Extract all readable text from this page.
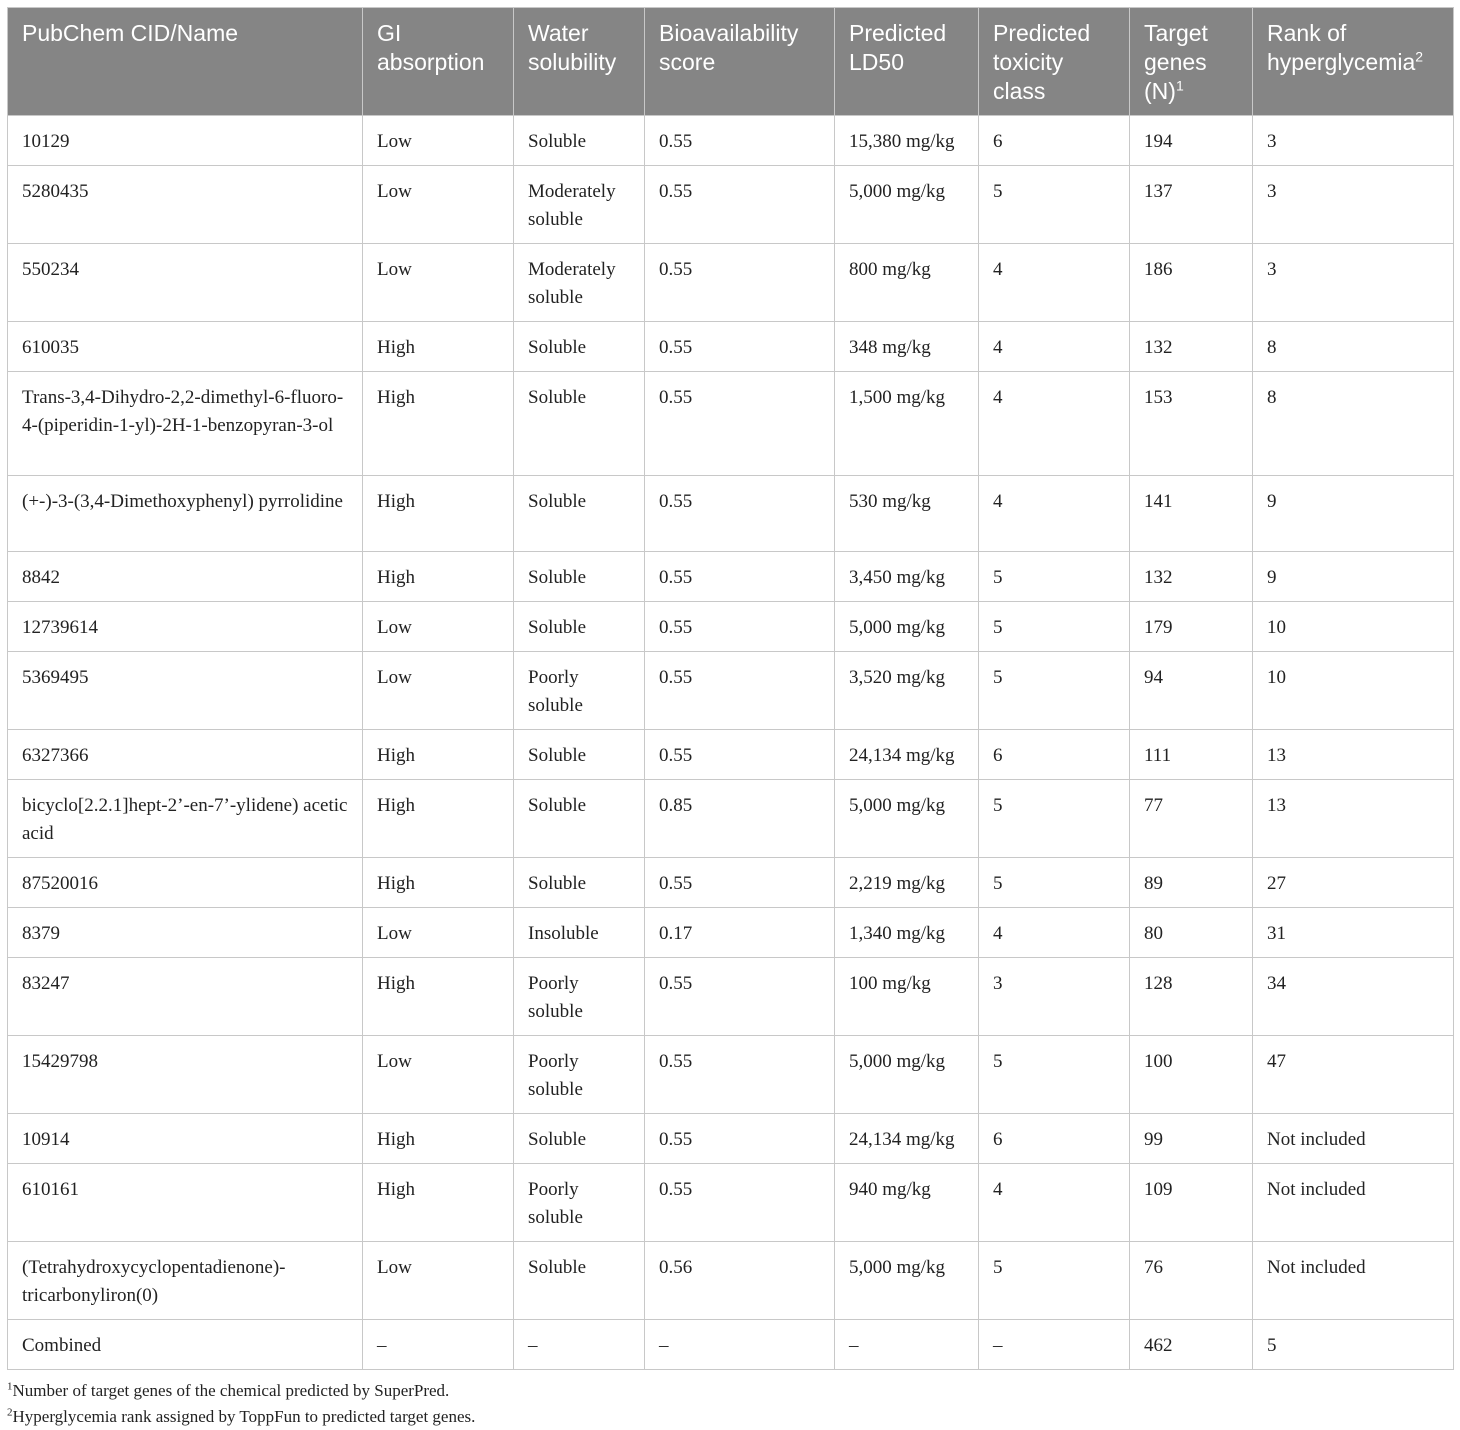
PubChem CID/Name	GI absorption	Water solubility	Bioavailability score	Predicted LD50	Predicted toxicity class	Target genes $(N)^1$	Rank of hyperglycemia$^2$
10129	Low	Soluble	0.55	15,380 mg/kg	6	194	3
5280435	Low	Moderately soluble	0.55	5,000 mg/kg	5	137	3
550234	Low	Moderately soluble	0.55	800 mg/kg	4	186	3
610035	High	Soluble	0.55	348 mg/kg	4	132	8
Trans-3,4-Dihydro-2,2-dimethyl-6-fluoro-4-(piperidin-1-yl)-2H-1-benzopyran-3-ol	High	Soluble	0.55	1,500 mg/kg	4	153	8
(+-)-3-(3,4-Dimethoxyphenyl) pyrrolidine	High	Soluble	0.55	530 mg/kg	4	141	9
8842	High	Soluble	0.55	3,450 mg/kg	5	132	9
12739614	Low	Soluble	0.55	5,000 mg/kg	5	179	10
5369495	Low	Poorly soluble	0.55	3,520 mg/kg	5	94	10
6327366	High	Soluble	0.55	24,134 mg/kg	6	111	13
bicyclo[2.2.1]hept-2’-en-7’-ylidene) acetic acid	High	Soluble	0.85	5,000 mg/kg	5	77	13
87520016	High	Soluble	0.55	2,219 mg/kg	5	89	27
8379	Low	Insoluble	0.17	1,340 mg/kg	4	80	31
83247	High	Poorly soluble	0.55	100 mg/kg	3	128	34
15429798	Low	Poorly soluble	0.55	5,000 mg/kg	5	100	47
10914	High	Soluble	0.55	24,134 mg/kg	6	99	Not included
610161	High	Poorly soluble	0.55	940 mg/kg	4	109	Not included
(Tetrahydroxycyclopentadienone)-tricarbonyliron(0)	Low	Soluble	0.56	5,000 mg/kg	5	76	Not included
Combined	–	–	–	–	–	462	5
$^1$Number of target genes of the chemical predicted by SuperPred.
$^2$Hyperglycemia rank assigned by ToppFun to predicted target genes.
